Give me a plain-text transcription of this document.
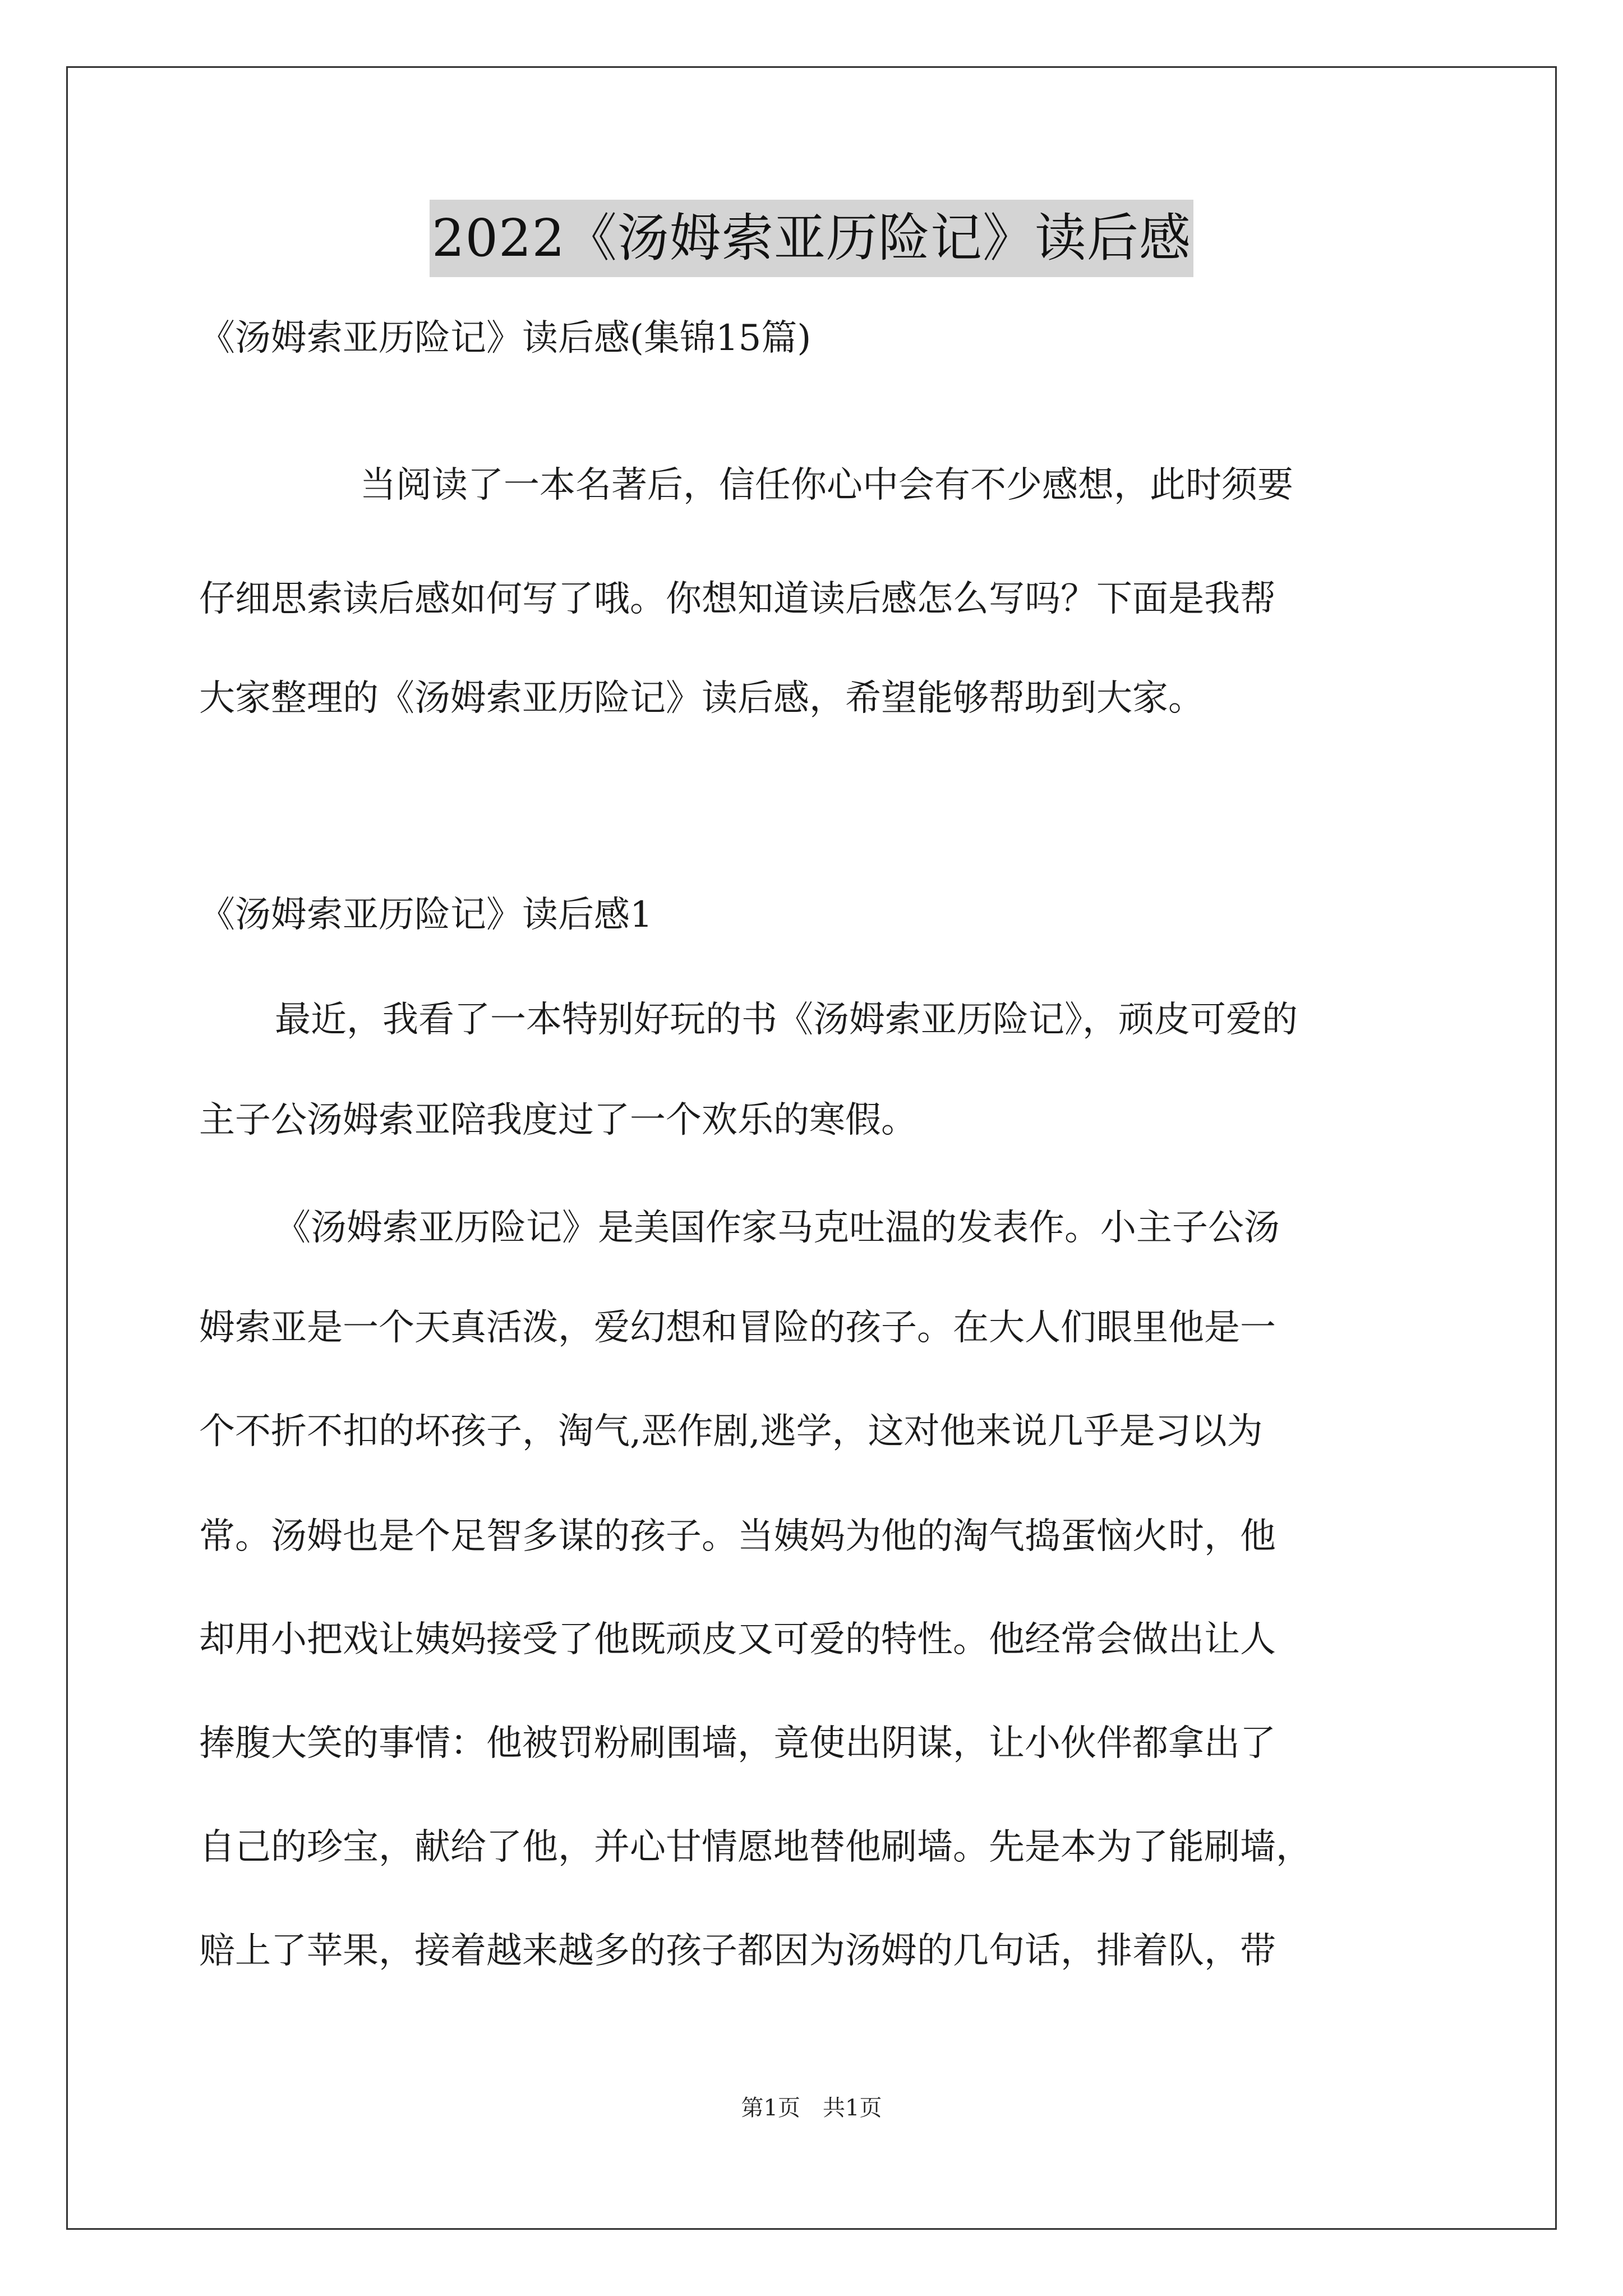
2022《汤姆索亚历险记》读后感
《汤姆索亚历险记》读后感(集锦15篇)
当阅读了一本名著后，信任你心中会有不少感想，此时须要
仔细思索读后感如何写了哦。你想知道读后感怎么写吗？下面是我帮
大家整理的《汤姆索亚历险记》读后感，希望能够帮助到大家。
《汤姆索亚历险记》读后感1
最近，我看了一本特别好玩的书《汤姆索亚历险记》，顽皮可爱的
主子公汤姆索亚陪我度过了一个欢乐的寒假。
《汤姆索亚历险记》是美国作家马克吐温的发表作。小主子公汤
姆索亚是一个天真活泼，爱幻想和冒险的孩子。在大人们眼里他是一
个不折不扣的坏孩子，淘气,恶作剧,逃学，这对他来说几乎是习以为
常。汤姆也是个足智多谋的孩子。当姨妈为他的淘气捣蛋恼火时，他
却用小把戏让姨妈接受了他既顽皮又可爱的特性。他经常会做出让人
捧腹大笑的事情：他被罚粉刷围墙，竟使出阴谋，让小伙伴都拿出了
自己的珍宝，献给了他，并心甘情愿地替他刷墙。先是本为了能刷墙，
赔上了苹果，接着越来越多的孩子都因为汤姆的几句话，排着队，带
第1页 共1页
